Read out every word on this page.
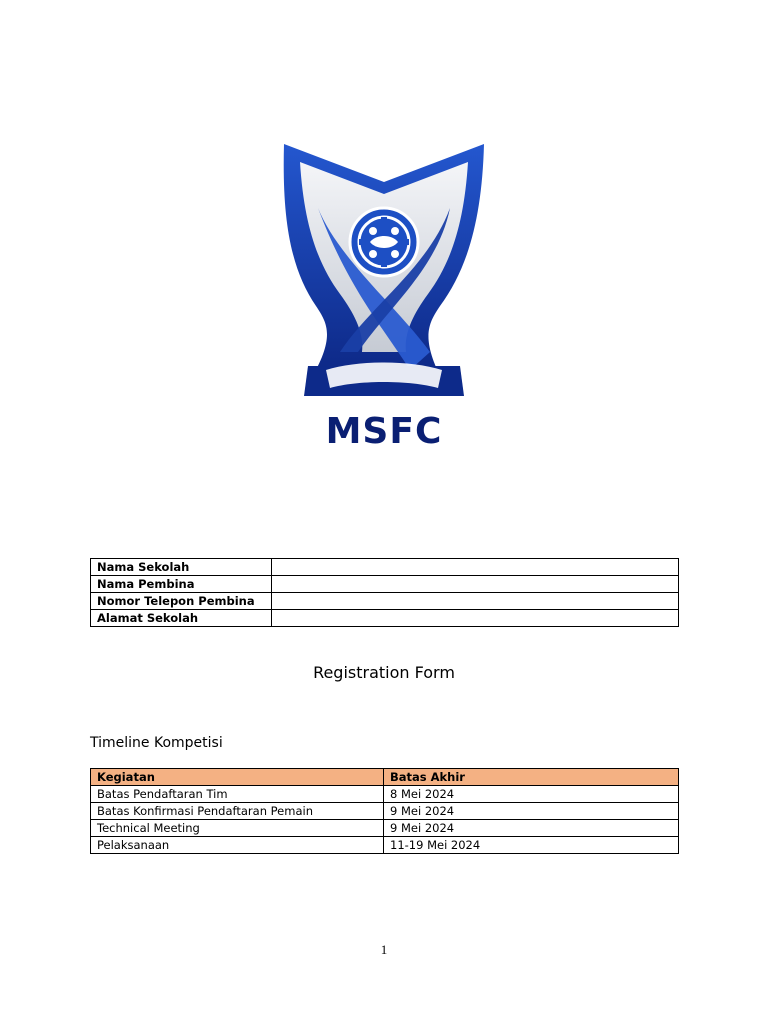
MSFC
Nama Sekolah	
Nama Pembina	
Nomor Telepon Pembina	
Alamat Sekolah	
Registration Form
Timeline Kompetisi
Kegiatan	Batas Akhir
Batas Pendaftaran Tim	8 Mei 2024
Batas Konfirmasi Pendaftaran Pemain	9 Mei 2024
Technical Meeting	9 Mei 2024
Pelaksanaan	11-19 Mei 2024
1
